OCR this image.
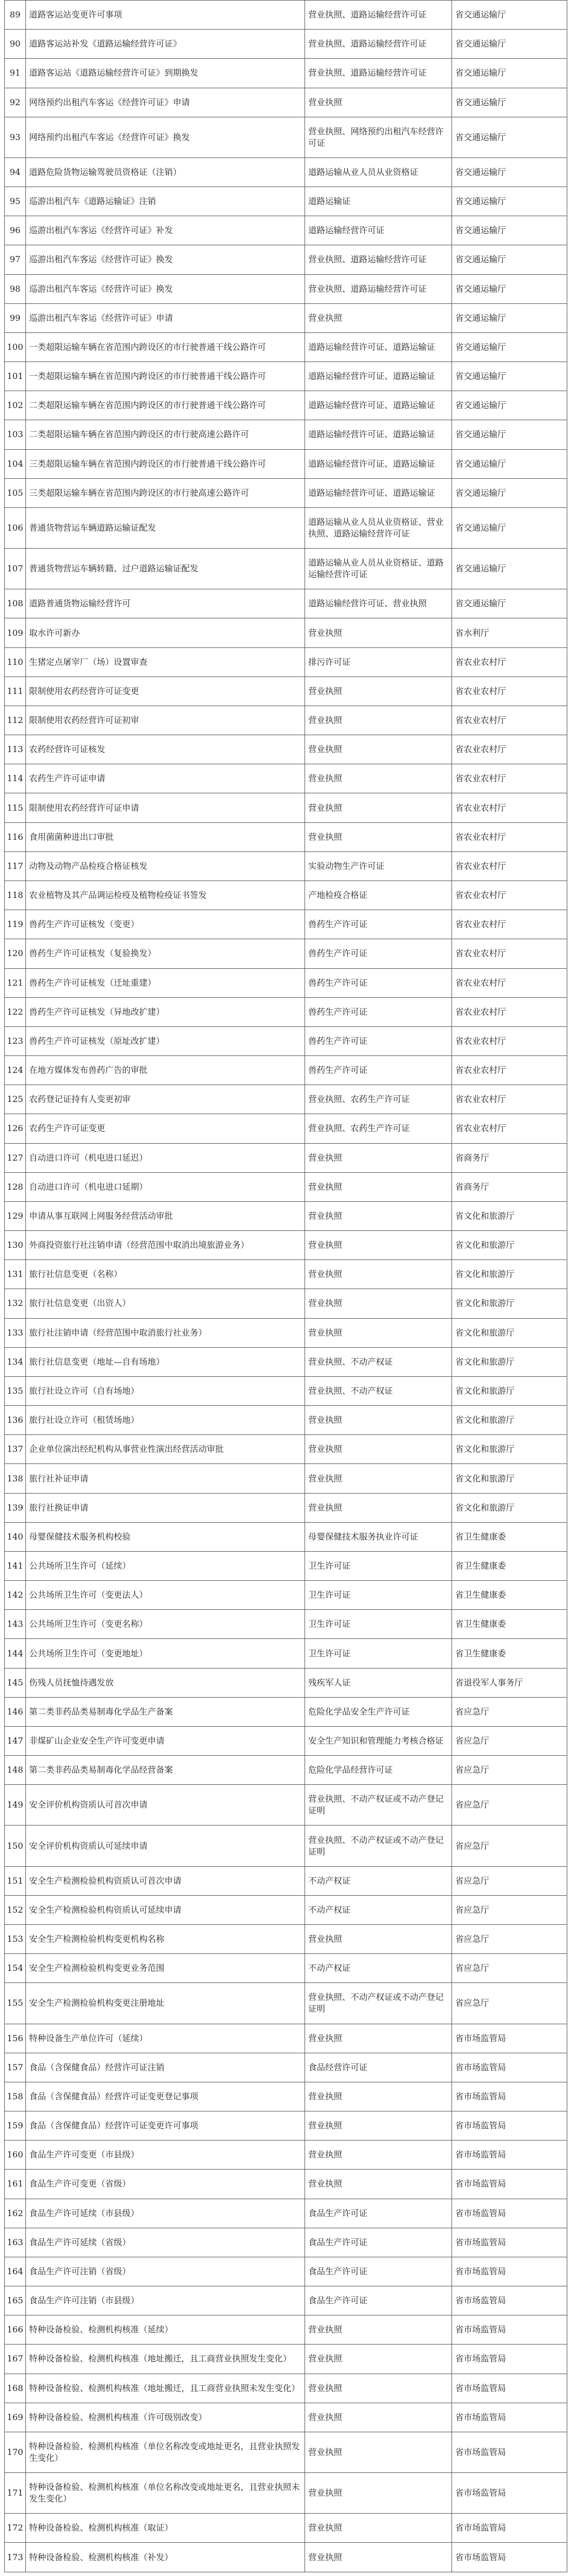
89	道路客运站变更许可事项	营业执照、道路运输经营许可证	省交通运输厅
90	道路客运站补发《道路运输经营许可证》	营业执照、道路运输经营许可证	省交通运输厅
91	道路客运站《道路运输经营许可证》到期换发	营业执照、道路运输经营许可证	省交通运输厅
92	网络预约出租汽车客运《经营许可证》申请	营业执照	省交通运输厅
93	网络预约出租汽车客运《经营许可证》换发	营业执照、网络预约出租汽车经营许可证	省交通运输厅
94	道路危险货物运输驾驶员资格证（注销）	道路运输从业人员从业资格证	省交通运输厅
95	巡游出租汽车《道路运输证》注销	道路运输证	省交通运输厅
96	巡游出租汽车客运《经营许可证》补发	道路运输经营许可证	省交通运输厅
97	巡游出租汽车客运《经营许可证》换发	营业执照、道路运输经营许可证	省交通运输厅
98	巡游出租汽车客运《经营许可证》换发	营业执照、道路运输经营许可证	省交通运输厅
99	巡游出租汽车客运《经营许可证》申请	营业执照	省交通运输厅
100	一类超限运输车辆在省范围内跨设区的市行驶普通干线公路许可	道路运输经营许可证、道路运输证	省交通运输厅
101	一类超限运输车辆在省范围内跨设区的市行驶普通干线公路许可	道路运输经营许可证、道路运输证	省交通运输厅
102	二类超限运输车辆在省范围内跨设区的市行驶普通干线公路许可	道路运输经营许可证、道路运输证	省交通运输厅
103	二类超限运输车辆在省范围内跨设区的市行驶高速公路许可	道路运输经营许可证、道路运输证	省交通运输厅
104	三类超限运输车辆在省范围内跨设区的市行驶普通干线公路许可	道路运输经营许可证、道路运输证	省交通运输厅
105	三类超限运输车辆在省范围内跨设区的市行驶高速公路许可	道路运输经营许可证、道路运输证	省交通运输厅
106	普通货物营运车辆道路运输证配发	道路运输从业人员从业资格证、营业执照、道路运输经营许可证	省交通运输厅
107	普通货物营运车辆转籍、过户道路运输证配发	道路运输从业人员从业资格证、道路运输经营许可证	省交通运输厅
108	道路普通货物运输经营许可	道路运输经营许可证、营业执照	省交通运输厅
109	取水许可新办	营业执照	省水利厅
110	生猪定点屠宰厂（场）设置审查	排污许可证	省农业农村厅
111	限制使用农药经营许可证变更	营业执照	省农业农村厅
112	限制使用农药经营许可证初审	营业执照	省农业农村厅
113	农药经营许可证核发	营业执照	省农业农村厅
114	农药生产许可证申请	营业执照	省农业农村厅
115	限制使用农药经营许可证申请	营业执照	省农业农村厅
116	食用菌菌种进出口审批	营业执照	省农业农村厅
117	动物及动物产品检疫合格证核发	实验动物生产许可证	省农业农村厅
118	农业植物及其产品调运检疫及植物检疫证书签发	产地检疫合格证	省农业农村厅
119	兽药生产许可证核发（变更）	兽药生产许可证	省农业农村厅
120	兽药生产许可证核发（复验换发）	兽药生产许可证	省农业农村厅
121	兽药生产许可证核发（迁址重建）	兽药生产许可证	省农业农村厅
122	兽药生产许可证核发（异地改扩建）	兽药生产许可证	省农业农村厅
123	兽药生产许可证核发（原址改扩建）	兽药生产许可证	省农业农村厅
124	在地方媒体发布兽药广告的审批	兽药生产许可证	省农业农村厅
125	农药登记证持有人变更初审	营业执照、农药生产许可证	省农业农村厅
126	农药生产许可证变更	营业执照、农药生产许可证	省农业农村厅
127	自动进口许可（机电进口延迟）	营业执照	省商务厅
128	自动进口许可（机电进口延期）	营业执照	省商务厅
129	申请从事互联网上网服务经营活动审批	营业执照	省文化和旅游厅
130	外商投资旅行社注销申请（经营范围中取消出境旅游业务）	营业执照	省文化和旅游厅
131	旅行社信息变更（名称）	营业执照	省文化和旅游厅
132	旅行社信息变更（出资人）	营业执照	省文化和旅游厅
133	旅行社注销申请（经营范围中取消旅行社业务）	营业执照	省文化和旅游厅
134	旅行社信息变更（地址—自有场地）	营业执照、不动产权证	省文化和旅游厅
135	旅行社设立许可（自有场地）	营业执照、不动产权证	省文化和旅游厅
136	旅行社设立许可（租赁场地）	营业执照	省文化和旅游厅
137	企业单位演出经纪机构从事营业性演出经营活动审批	营业执照	省文化和旅游厅
138	旅行社补证申请	营业执照	省文化和旅游厅
139	旅行社换证申请	营业执照	省文化和旅游厅
140	母婴保健技术服务机构校验	母婴保健技术服务执业许可证	省卫生健康委
141	公共场所卫生许可（延续）	卫生许可证	省卫生健康委
142	公共场所卫生许可（变更法人）	卫生许可证	省卫生健康委
143	公共场所卫生许可（变更名称）	卫生许可证	省卫生健康委
144	公共场所卫生许可（变更地址）	卫生许可证	省卫生健康委
145	伤残人员抚恤待遇发放	残疾军人证	省退役军人事务厅
146	第二类非药品类易制毒化学品生产备案	危险化学品安全生产许可证	省应急厅
147	非煤矿山企业安全生产许可变更申请	安全生产知识和管理能力考核合格证	省应急厅
148	第二类非药品类易制毒化学品经营备案	危险化学品经营许可证	省应急厅
149	安全评价机构资质认可首次申请	营业执照、不动产权证或不动产登记证明	省应急厅
150	安全评价机构资质认可延续申请	营业执照、不动产权证或不动产登记证明	省应急厅
151	安全生产检测检验机构资质认可首次申请	不动产权证	省应急厅
152	安全生产检测检验机构资质认可延续申请	不动产权证	省应急厅
153	安全生产检测检验机构变更机构名称	营业执照	省应急厅
154	安全生产检测检验机构变更业务范围	不动产权证	省应急厅
155	安全生产检测检验机构变更注册地址	营业执照、不动产权证或不动产登记证明	省应急厅
156	特种设备生产单位许可（延续）	营业执照	省市场监管局
157	食品（含保健食品）经营许可证注销	食品经营许可证	省市场监管局
158	食品（含保健食品）经营许可证变更登记事项	营业执照	省市场监管局
159	食品（含保健食品）经营许可证变更许可事项	营业执照	省市场监管局
160	食品生产许可变更（市县级）	营业执照	省市场监管局
161	食品生产许可变更（省级）	营业执照	省市场监管局
162	食品生产许可延续（市县级）	食品生产许可证	省市场监管局
163	食品生产许可延续（省级）	食品生产许可证	省市场监管局
164	食品生产许可注销（省级）	食品生产许可证	省市场监管局
165	食品生产许可注销（市县级）	食品生产许可证	省市场监管局
166	特种设备检验、检测机构核准（延续）	营业执照	省市场监管局
167	特种设备检验、检测机构核准（地址搬迁，且工商营业执照发生变化）	营业执照	省市场监管局
168	特种设备检验、检测机构核准（地址搬迁，且工商营业执照未发生变化）	营业执照	省市场监管局
169	特种设备检验、检测机构核准（许可级别改变）	营业执照	省市场监管局
170	特种设备检验、检测机构核准（单位名称改变或地址更名，且营业执照发生变化）	营业执照	省市场监管局
171	特种设备检验、检测机构核准（单位名称改变或地址更名，且营业执照未发生变化）	营业执照	省市场监管局
172	特种设备检验、检测机构核准（取证）	营业执照	省市场监管局
173	特种设备检验、检测机构核准（补发）	营业执照	省市场监管局
